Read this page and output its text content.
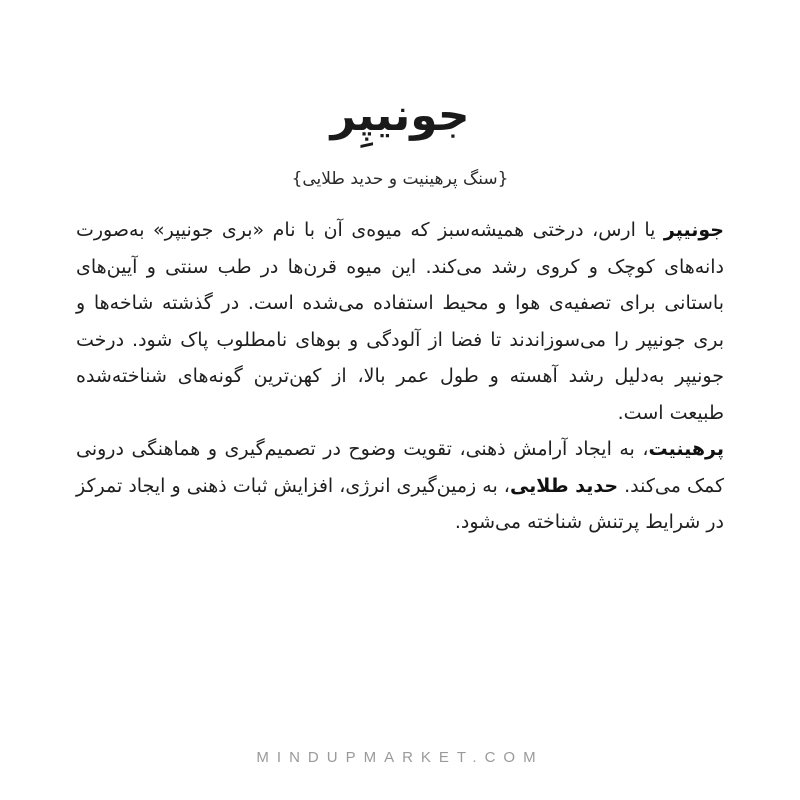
جونیپِر
{سنگ پرهینیت و حدید طلایی}

جونیپر یا ارس، درختی همیشه‌سبز که میوه‌ی آن با نام «بری جونیپر» به‌صورت دانه‌های کوچک و کروی رشد می‌کند. این میوه قرن‌ها در طب سنتی و آیین‌های باستانی برای تصفیه‌ی هوا و محیط استفاده می‌شده است. در گذشته شاخه‌ها و بری جونیپر را می‌سوزاندند تا فضا از آلودگی و بوهای نامطلوب پاک شود. درخت جونیپر به‌دلیل رشد آهسته و طول عمر بالا، از کهن‌ترین گونه‌های شناخته‌شده طبیعت است.

پرهینیت، به ایجاد آرامش ذهنی، تقویت وضوح در تصمیم‌گیری و هماهنگی درونی کمک می‌کند. حدید طلایی، به زمین‌گیری انرژی، افزایش ثبات ذهنی و ایجاد تمرکز در شرایط پرتنش شناخته می‌شود.

MINDUPMARKET.COM
